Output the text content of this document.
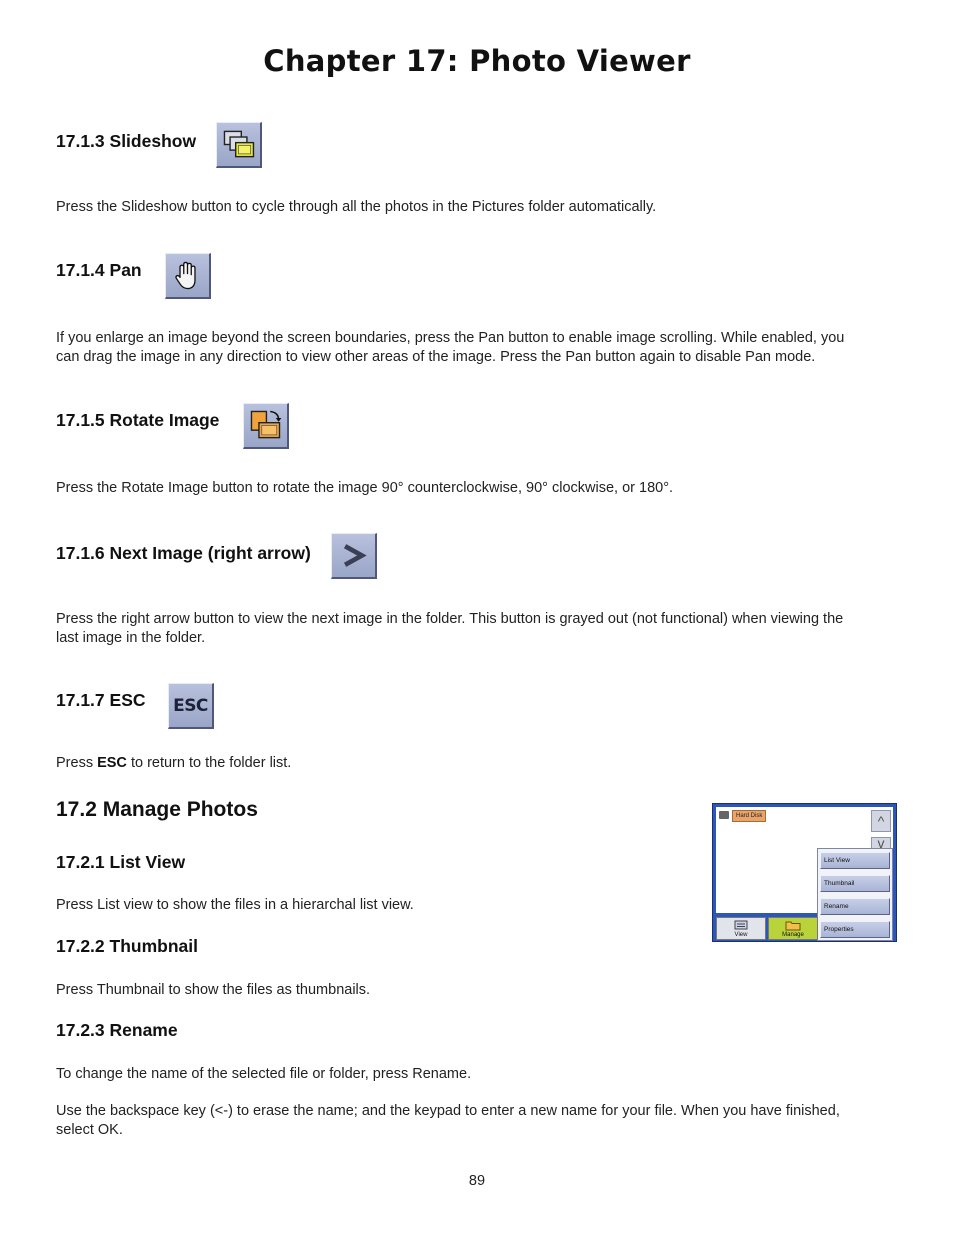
Chapter 17: Photo Viewer
17.1.3 Slideshow
Press the Slideshow button to cycle through all the photos in the Pictures folder automatically.
17.1.4 Pan
If you enlarge an image beyond the screen boundaries, press the Pan button to enable image scrolling. While enabled, you
can drag the image in any direction to view other areas of the image. Press the Pan button again to disable Pan mode.
17.1.5 Rotate Image
Press the Rotate Image button to rotate the image 90° counterclockwise, 90° clockwise, or 180°.
17.1.6 Next Image (right arrow)
Press the right arrow button to view the next image in the folder. This button is grayed out (not functional) when viewing the
last image in the folder.
17.1.7 ESC ESC
Press ESC to return to the folder list.
17.2 Manage Photos
17.2.1 List View
Press List view to show the files in a hierarchal list view.
17.2.2 Thumbnail
Press Thumbnail to show the files as thumbnails.
17.2.3 Rename
To change the name of the selected file or folder, press Rename.
Use the backspace key (<-) to erase the name; and the keypad to enter a new name for your file. When you have finished,
select OK.
Hard Disk	^
v
List View
Thumbnail
Rename
Properties
View	Manage
89
